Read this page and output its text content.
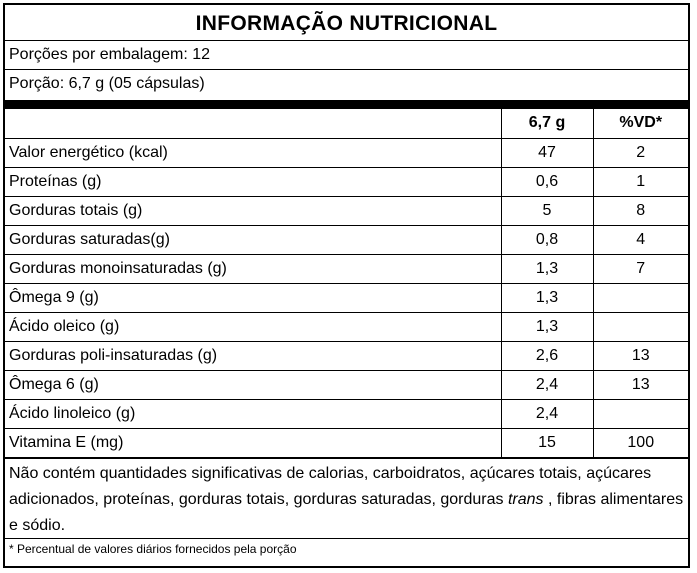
INFORMAÇÃO NUTRICIONAL
Porções por embalagem: 12
Porção: 6,7 g (05 cápsulas)
	6,7 g	%VD*
Valor energético (kcal)	47	2
Proteínas (g)	0,6	1
Gorduras totais (g)	5	8
Gorduras saturadas(g)	0,8	4
Gorduras monoinsaturadas (g)	1,3	7
Ômega 9 (g)	1,3	
Ácido oleico (g)	1,3	
Gorduras poli-insaturadas (g)	2,6	13
Ômega 6 (g)	2,4	13
Ácido linoleico (g)	2,4	
Vitamina E (mg)	15	100
Não contém quantidades significativas de calorias, carboidratos, açúcares totais, açúcares adicionados, proteínas, gorduras totais, gorduras saturadas, gorduras trans , fibras alimentares e sódio.
* Percentual de valores diários fornecidos pela porção
